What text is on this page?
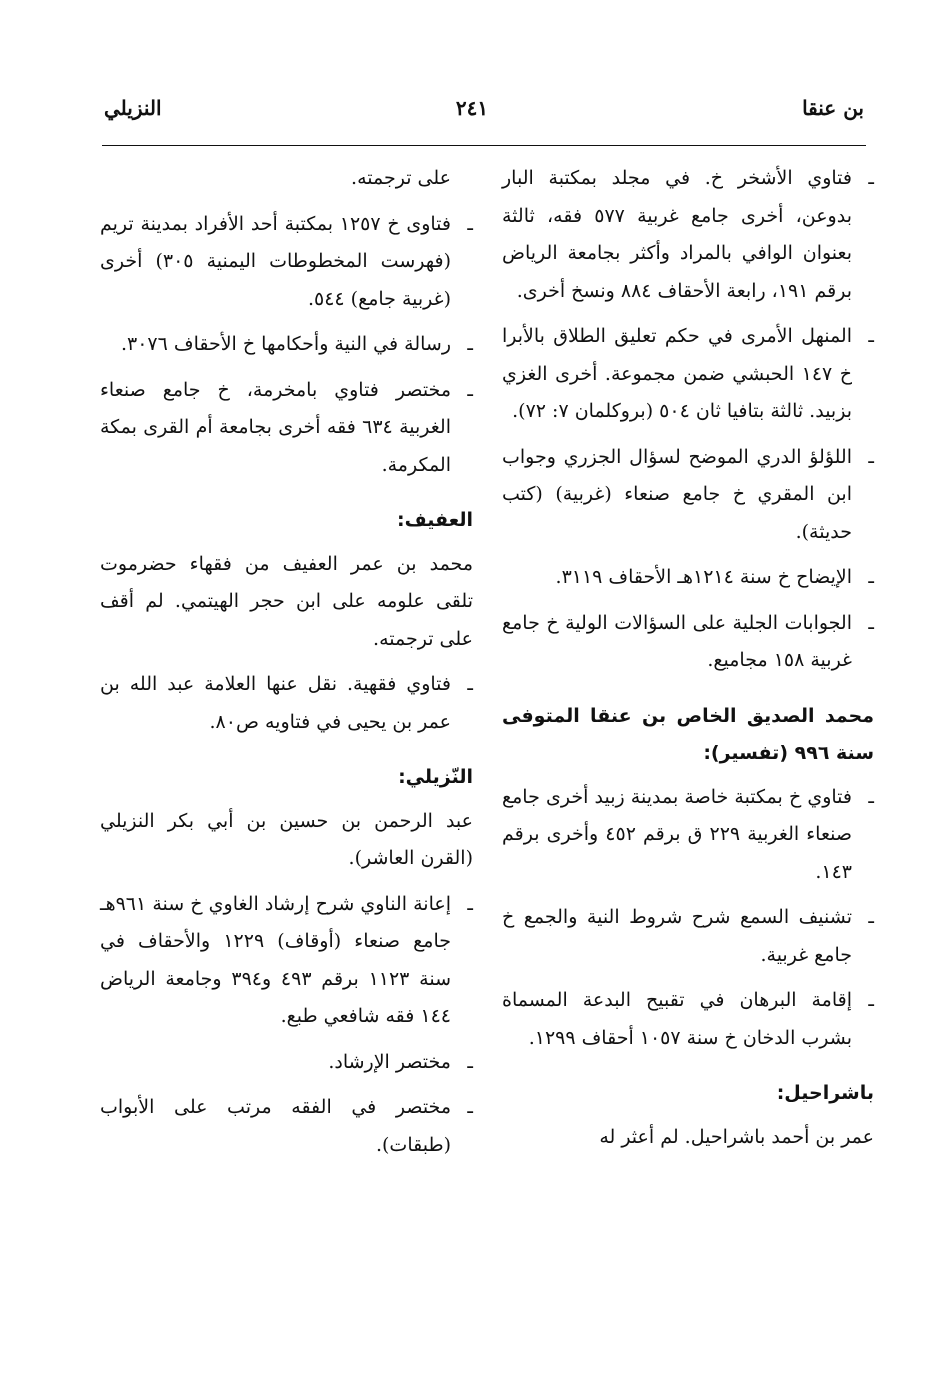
بن عنقا
٢٤١
النزيلي
ـ
فتاوي الأشخر خ. في مجلد بمكتبة البار بدوعن، أخرى جامع غربية ٥٧٧ فقه، ثالثة بعنوان الوافي بالمراد وأكثر بجامعة الرياض برقم ١٩١، رابعة الأحقاف ٨٨٤ ونسخ أخرى.
ـ
المنهل الأمرى في حكم تعليق الطلاق بالأبرا خ ١٤٧ الحبشي ضمن مجموعة. أخرى الغزي بزبيد. ثالثة بتافيا ثان ٥٠٤ (بروكلمان ٧: ٧٢).
ـ
اللؤلؤ الدري الموضح لسؤال الجزري وجواب ابن المقري خ جامع صنعاء (غربية) (كتب حديثة).
ـ
الإيضاح خ سنة ١٢١٤هـ الأحقاف ٣١١٩.
ـ
الجوابات الجلية على السؤالات الولية خ جامع غربية ١٥٨ مجاميع.
محمد الصديق الخاص بن عنقا المتوفى سنة ٩٩٦ (تفسير):
ـ
فتاوي خ بمكتبة خاصة بمدينة زبيد أخرى جامع صنعاء الغربية ٢٢٩ ق برقم ٤٥٢ وأخرى برقم ١٤٣.
ـ
تشنيف السمع شرح شروط النية والجمع خ جامع غربية.
ـ
إقامة البرهان في تقبيح البدعة المسماة بشرب الدخان خ سنة ١٠٥٧ أحقاف ١٢٩٩.
باشراحيل:
عمر بن أحمد باشراحيل. لم أعثر له
على ترجمته.
ـ
فتاوى خ ١٢٥٧ بمكتبة أحد الأفراد بمدينة تريم (فهرست المخطوطات اليمنية ٣٠٥) أخرى (غربية جامع) ٥٤٤.
ـ
رسالة في النية وأحكامها خ الأحقاف ٣٠٧٦.
ـ
مختصر فتاوي بامخرمة، خ جامع صنعاء الغربية ٦٣٤ فقه أخرى بجامعة أم القرى بمكة المكرمة.
العفيف:
محمد بن عمر العفيف من فقهاء حضرموت تلقى علومه على ابن حجر الهيتمي. لم أقف على ترجمته.
ـ
فتاوي فقهية. نقل عنها العلامة عبد الله بن عمر بن يحيى في فتاويه ص٨٠.
النّزيلي:
عبد الرحمن بن حسين بن أبي بكر النزيلي (القرن العاشر).
ـ
إعانة الناوي شرح إرشاد الغاوي خ سنة ٩٦١هـ جامع صنعاء (أوقاف) ١٢٢٩ والأحقاف في سنة ١١٢٣ برقم ٤٩٣ و٣٩٤ وجامعة الرياض ١٤٤ فقه شافعي طبع.
ـ
مختصر الإرشاد.
ـ
مختصر في الفقه مرتب على الأبواب (طبقات).
